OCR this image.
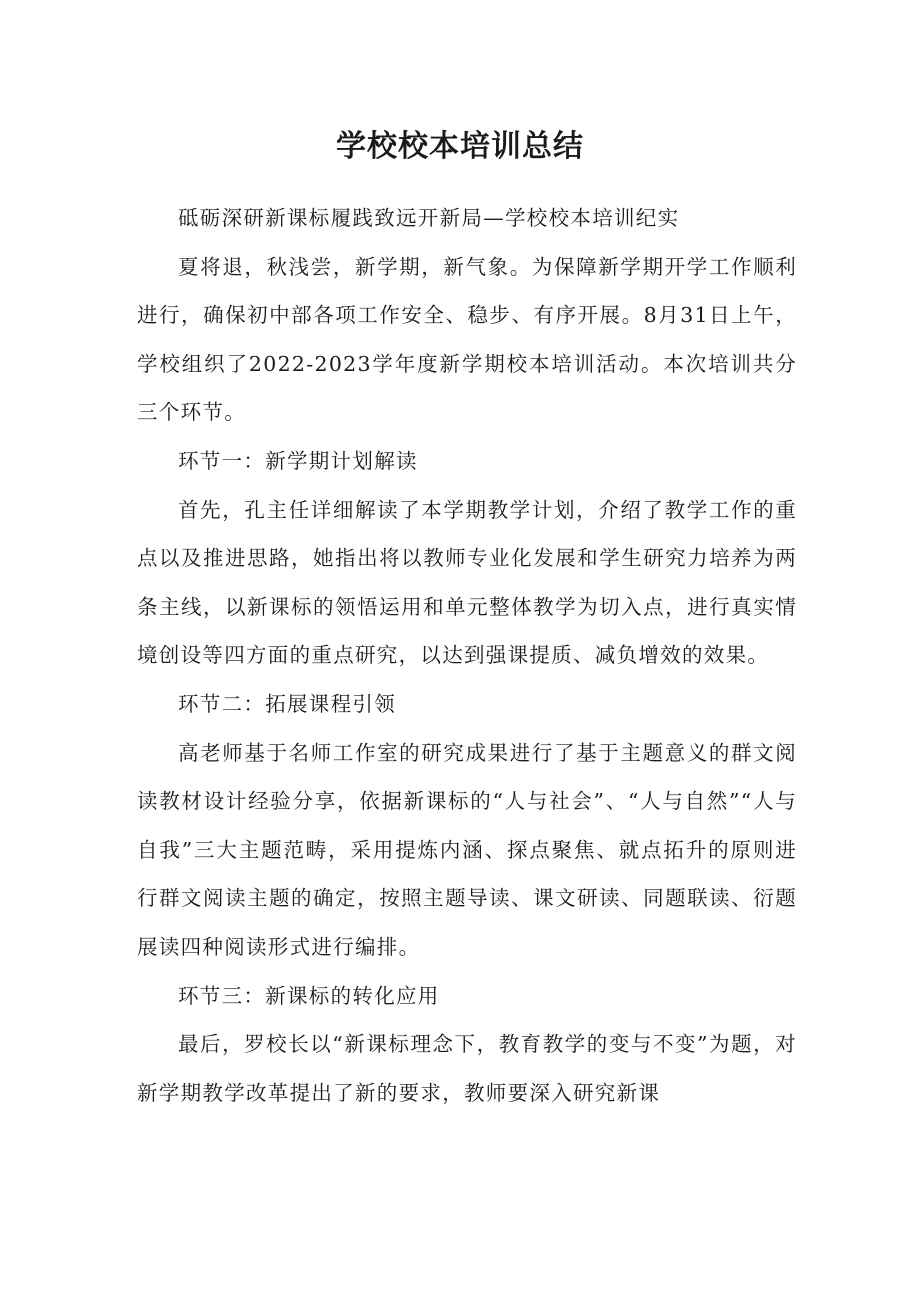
学校校本培训总结

砥砺深研新课标履践致远开新局—学校校本培训纪实

夏将退，秋浅尝，新学期，新气象。为保障新学期开学工作顺利进行，确保初中部各项工作安全、稳步、有序开展。8月31日上午，学校组织了2022-2023学年度新学期校本培训活动。本次培训共分三个环节。

环节一：新学期计划解读

首先，孔主任详细解读了本学期教学计划，介绍了教学工作的重点以及推进思路，她指出将以教师专业化发展和学生研究力培养为两条主线，以新课标的领悟运用和单元整体教学为切入点，进行真实情境创设等四方面的重点研究，以达到强课提质、减负增效的效果。

环节二：拓展课程引领

高老师基于名师工作室的研究成果进行了基于主题意义的群文阅读教材设计经验分享，依据新课标的“人与社会”、“人与自然”“人与自我”三大主题范畴，采用提炼内涵、探点聚焦、就点拓升的原则进行群文阅读主题的确定，按照主题导读、课文研读、同题联读、衍题展读四种阅读形式进行编排。

环节三：新课标的转化应用

最后，罗校长以“新课标理念下，教育教学的变与不变”为题，对新学期教学改革提出了新的要求，教师要深入研究新课
